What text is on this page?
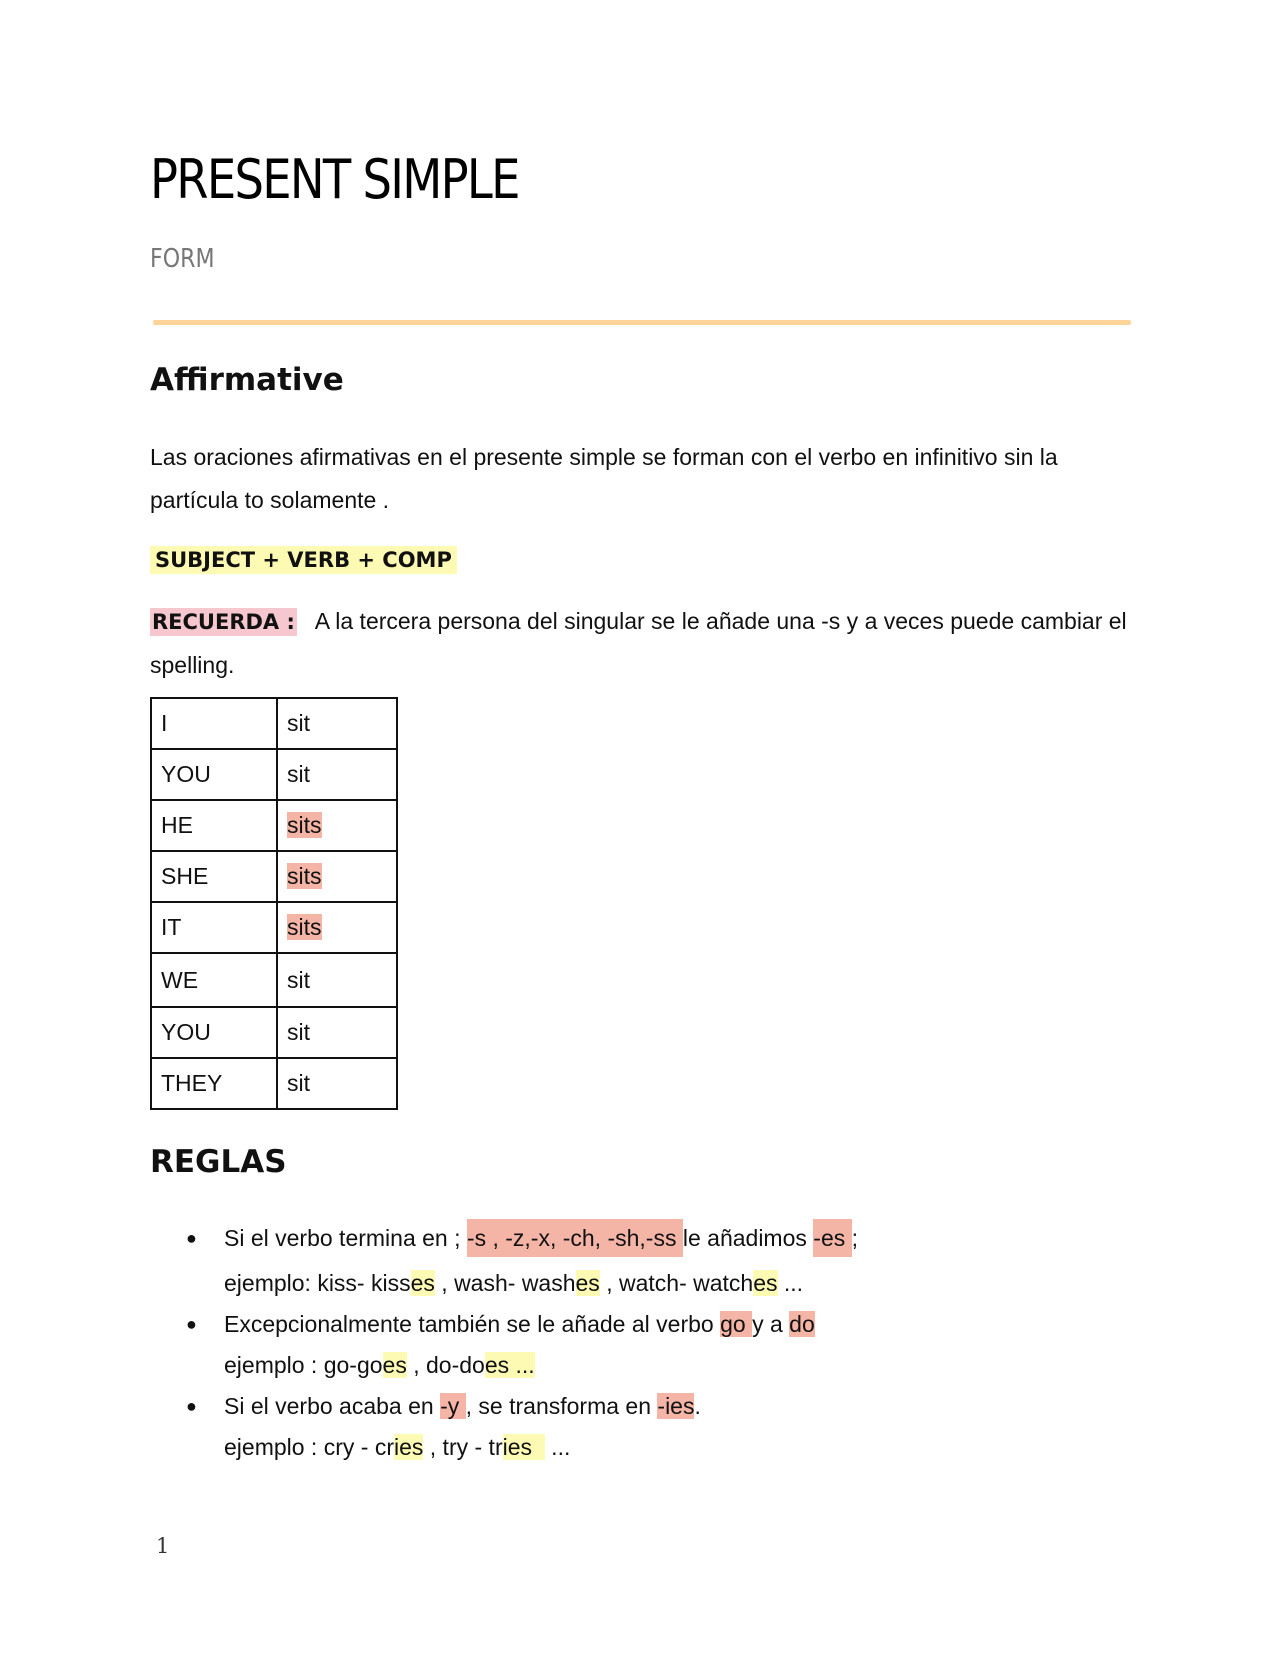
PRESENT SIMPLE
FORM
Affirmative

Las oraciones afirmativas en el presente simple se forman con el verbo en infinitivo sin la partícula to solamente .

SUBJECT + VERB + COMP

RECUERDA : A la tercera persona del singular se le añade una -s y a veces puede cambiar el spelling.

I	sit
YOU	sit
HE	sits
SHE	sits
IT	sits
WE	sit
YOU	sit
THEY	sit
REGLAS
● Si el verbo termina en ; -s , -z,-x, -ch, -sh,-ss le añadimos -es ;
ejemplo: kiss- kisses , wash- washes , watch- watches ...
● Excepcionalmente también se le añade al verbo go y a do
ejemplo : go-goes , do-does ...
● Si el verbo acaba en -y , se transforma en -ies.
ejemplo : cry - cries , try - tries   ...
1
